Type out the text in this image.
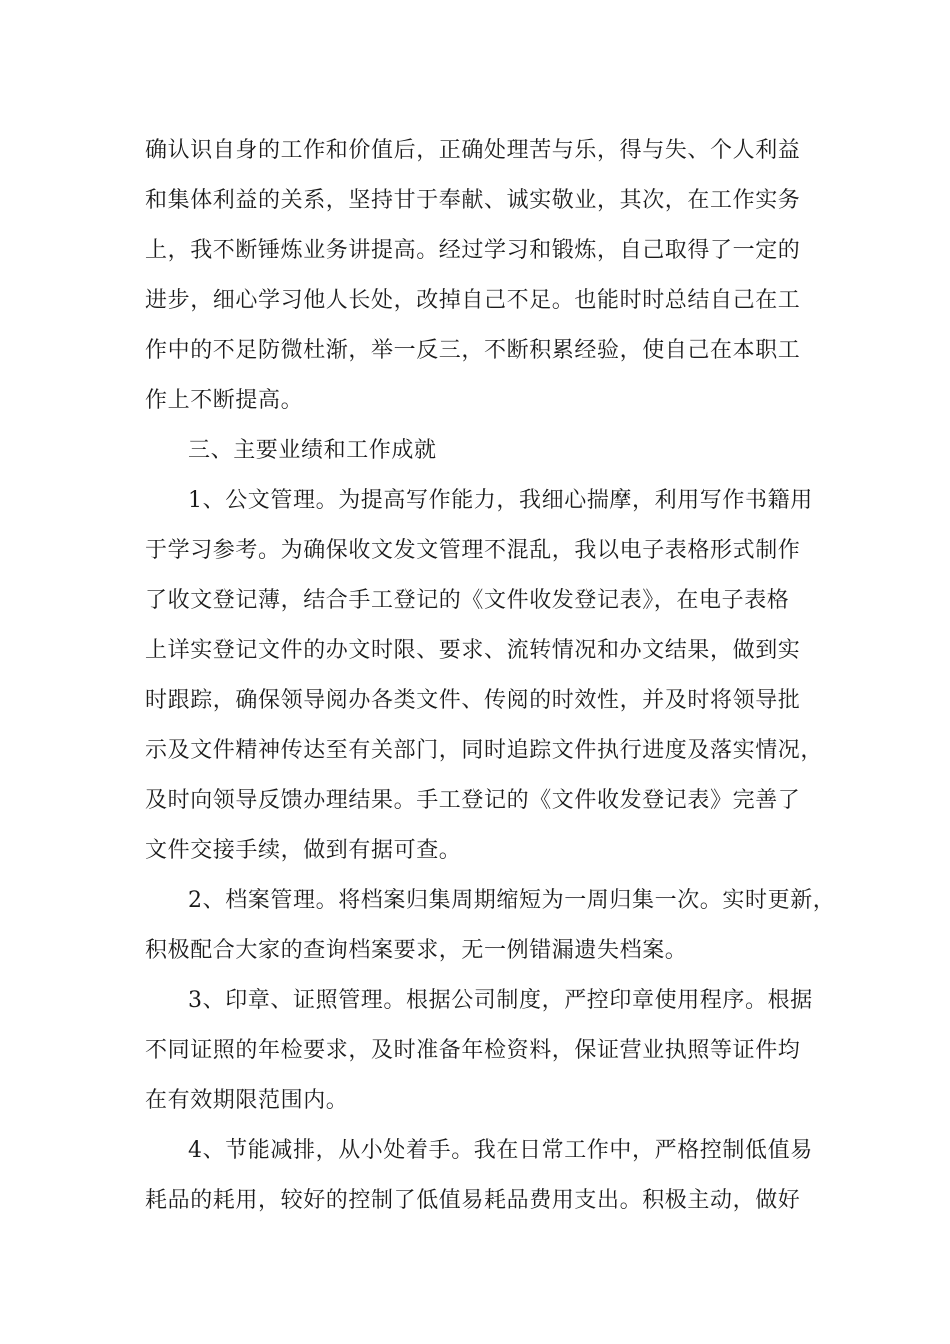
确认识自身的工作和价值后，正确处理苦与乐，得与失、个人利益
和集体利益的关系，坚持甘于奉献、诚实敬业，其次，在工作实务
上，我不断锤炼业务讲提高。经过学习和锻炼，自己取得了一定的
进步，细心学习他人长处，改掉自己不足。也能时时总结自己在工
作中的不足防微杜渐，举一反三，不断积累经验，使自己在本职工
作上不断提高。
三、主要业绩和工作成就
1、公文管理。为提高写作能力，我细心揣摩，利用写作书籍用
于学习参考。为确保收文发文管理不混乱，我以电子表格形式制作
了收文登记薄，结合手工登记的《文件收发登记表》，在电子表格
上详实登记文件的办文时限、要求、流转情况和办文结果，做到实
时跟踪，确保领导阅办各类文件、传阅的时效性，并及时将领导批
示及文件精神传达至有关部门，同时追踪文件执行进度及落实情况，
及时向领导反馈办理结果。手工登记的《文件收发登记表》完善了
文件交接手续，做到有据可查。
2、档案管理。将档案归集周期缩短为一周归集一次。实时更新，
积极配合大家的查询档案要求，无一例错漏遗失档案。
3、印章、证照管理。根据公司制度，严控印章使用程序。根据
不同证照的年检要求，及时准备年检资料，保证营业执照等证件均
在有效期限范围内。
4、节能减排，从小处着手。我在日常工作中，严格控制低值易
耗品的耗用，较好的控制了低值易耗品费用支出。积极主动，做好
